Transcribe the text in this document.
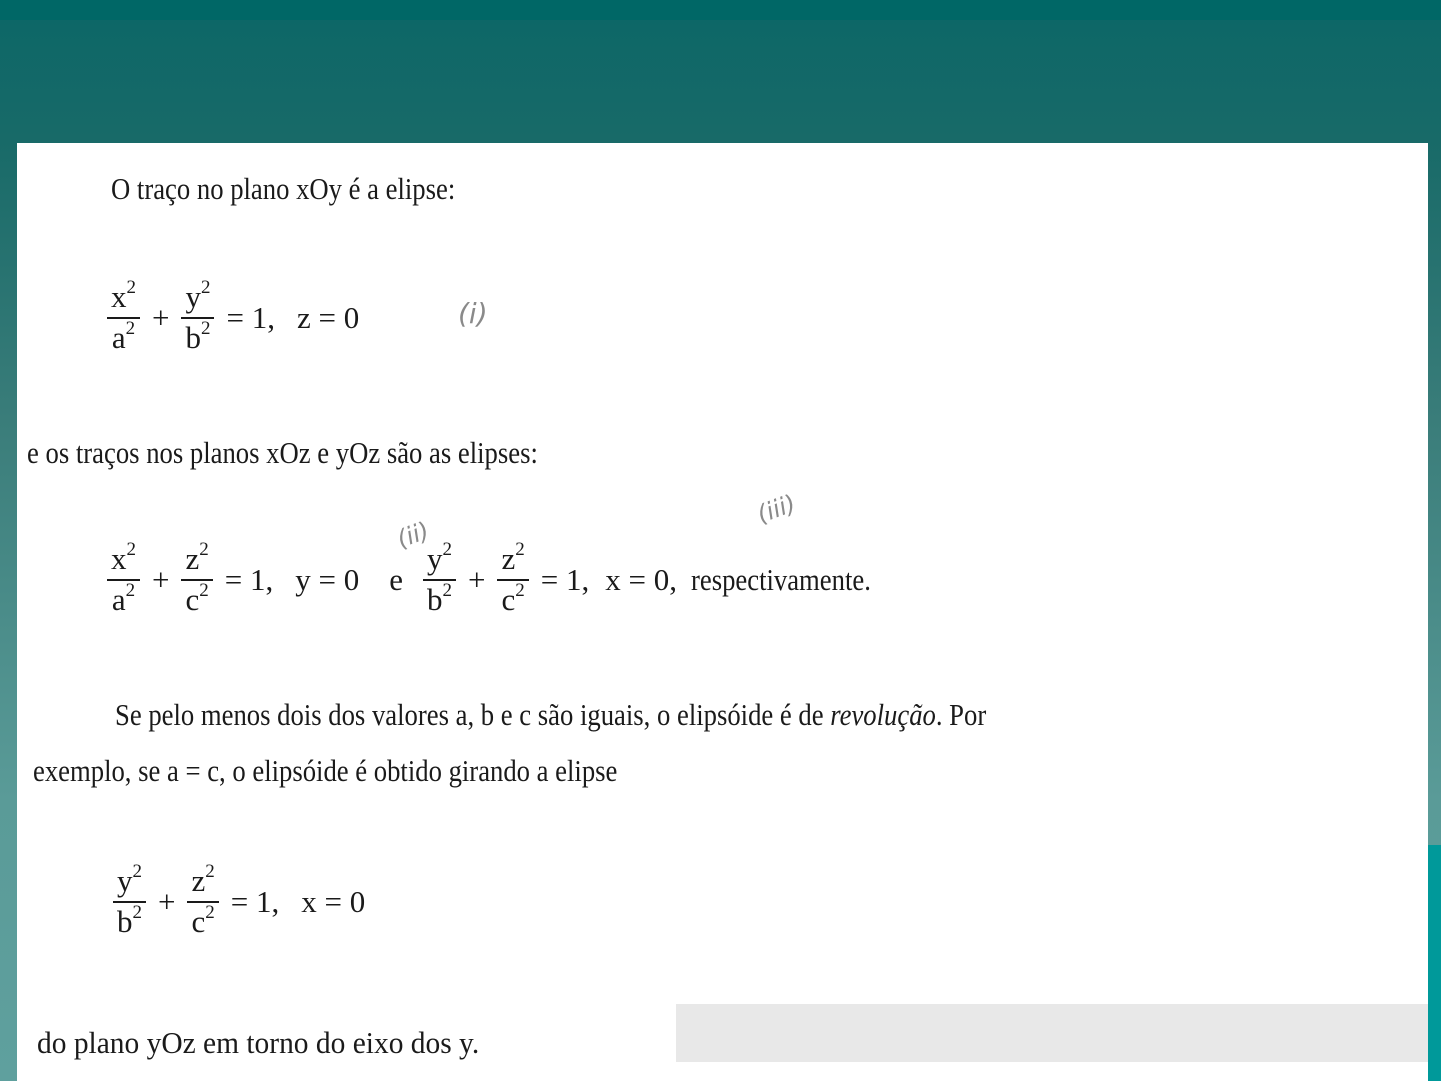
O traço no plano xOy é a elipse:
$\frac{x^2}{a^2} + \frac{y^2}{b^2} = 1$, z = 0	(i)
e os traços nos planos xOz e yOz são as elipses:
$\frac{x^2}{a^2} + \frac{z^2}{c^2} = 1$, y = 0 e $\frac{y^2}{b^2} + \frac{z^2}{c^2} = 1$, x = 0, respectivamente.
(ii)
(iii)
Se pelo menos dois dos valores a, b e c são iguais, o elipsóide é de revolução. Por
exemplo, se a = c, o elipsóide é obtido girando a elipse
$\frac{y^2}{b^2} + \frac{z^2}{c^2} = 1$, x = 0
do plano yOz em torno do eixo dos y.
